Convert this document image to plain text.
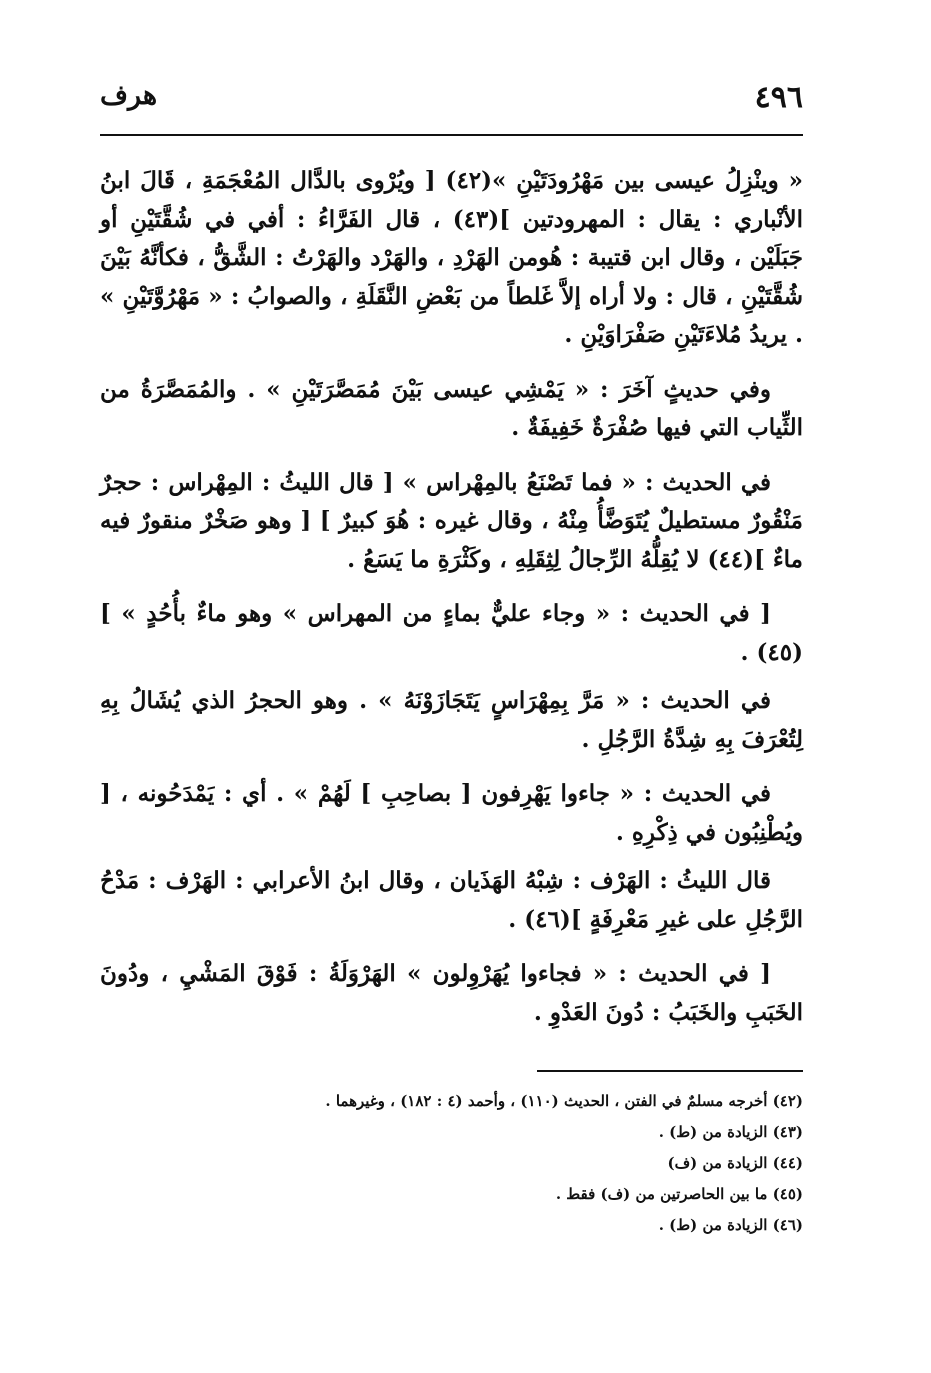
٤٩٦
هرف

« وينْزِلُ عيسى بين مَهْرُودَتَيْنِ »(٤٢) [ ويُرْوى بالدَّال المُعْجَمَةِ ، قَالَ ابنُ الأنْباري : يقال : المهرودتين ](٤٣) ، قال الفَرَّاءُ : أفي في شُقَّتَيْنِ أو جَبَلَيْن ، وقال ابن قتيبة : هُومن الهَرْدِ ، والهَرْد والهَرْتُ : الشَّقُّ ، فكأنَّهُ بَيْنَ شُقَّتَيْنِ ، قال : ولا أراه إلاَّ غَلطاً من بَعْضِ النَّقَلَةِ ، والصوابُ : « مَهْرُوَّتَيْنِ » . يريدُ مُلاءَتَيْنِ صَفْرَاوَيْنِ .

وفي حديثٍ آخَرَ : « يَمْشِي عيسى بَيْنَ مُمَصَّرَتَيْنِ » . والمُمَصَّرَةُ من الثِّياب التي فيها صُفْرَةٌ خَفِيفَةٌ .

في الحديث : « فما تَصْنَعُ بالمِهْراس » [ قال الليثُ : المِهْراس : حجرٌ مَنْقُورٌ مستطيلٌ يُتَوَضَّأُ مِنْهُ ، وقال غيره : هُوَ كبيرٌ ] [ وهو صَخْرٌ منقورٌ فيه ماءٌ ](٤٤) لا يُقِلُّهُ الرِّجالُ لِثِقَلِهِ ، وكَثْرَةِ ما يَسَعُ .

[ في الحديث : « وجاء عليٌّ بماءٍ من المهراس » وهو ماءٌ بأُحُدٍ » ](٤٥) .

في الحديث : « مَرَّ بِمِهْرَاسٍ يَتَجَازَوْنَهُ » . وهو الحجرُ الذي يُشَالُ بِهِ لِتُعْرَفَ بِهِ شِدَّةُ الرَّجُلِ .

في الحديث : « جاءوا يَهْرِفون [ بصاحِبِ ] لَهُمْ » . أي : يَمْدَحُونه ، [ ويُطْنِبُون في ذِكْرِهِ .

قال الليثُ : الهَرْف : شِبْهُ الهَذَيان ، وقال ابنُ الأعرابي : الهَرْف : مَدْحُ الرَّجُلِ على غيرِ مَعْرِفَةٍ ](٤٦) .

[ في الحديث : « فجاءوا يُهَرْوِلون » الهَرْوَلَةُ : فَوْقَ المَشْيِ ، ودُونَ الخَبَبِ والخَبَبُ : دُونَ العَدْوِ .

(٤٢) أخرجه مسلمٌ في الفتن ، الحديث (١١٠) ، وأحمد (٤ : ١٨٢) ، وغيرهما .
(٤٣) الزيادة من (ط) .
(٤٤) الزيادة من (ف)
(٤٥) ما بين الحاصرتين من (ف) فقط .
(٤٦) الزيادة من (ط) .
